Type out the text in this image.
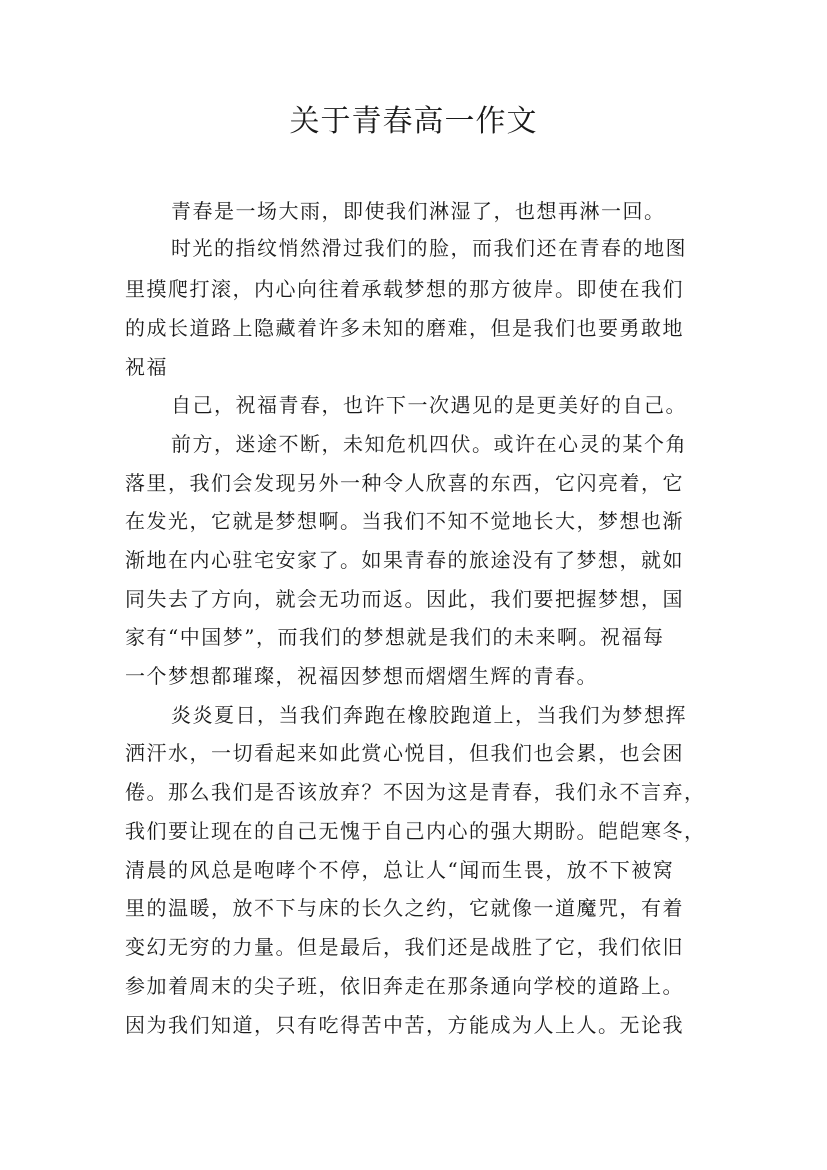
关于青春高一作文

青春是一场大雨，即使我们淋湿了，也想再淋一回。

时光的指纹悄然滑过我们的脸，而我们还在青春的地图

里摸爬打滚，内心向往着承载梦想的那方彼岸。即使在我们

的成长道路上隐藏着许多未知的磨难，但是我们也要勇敢地

祝福

自己，祝福青春，也许下一次遇见的是更美好的自己。

前方，迷途不断，未知危机四伏。或许在心灵的某个角

落里，我们会发现另外一种令人欣喜的东西，它闪亮着，它

在发光，它就是梦想啊。当我们不知不觉地长大，梦想也渐

渐地在内心驻宅安家了。如果青春的旅途没有了梦想，就如

同失去了方向，就会无功而返。因此，我们要把握梦想，国

家有“中国梦”，而我们的梦想就是我们的未来啊。祝福每

一个梦想都璀璨，祝福因梦想而熠熠生辉的青春。

炎炎夏日，当我们奔跑在橡胶跑道上，当我们为梦想挥

洒汗水，一切看起来如此赏心悦目，但我们也会累，也会困

倦。那么我们是否该放弃？不因为这是青春，我们永不言弃，

我们要让现在的自己无愧于自己内心的强大期盼。皑皑寒冬，

清晨的风总是咆哮个不停，总让人“闻而生畏，放不下被窝

里的温暖，放不下与床的长久之约，它就像一道魔咒，有着

变幻无穷的力量。但是最后，我们还是战胜了它，我们依旧

参加着周末的尖子班，依旧奔走在那条通向学校的道路上。

因为我们知道，只有吃得苦中苦，方能成为人上人。无论我
